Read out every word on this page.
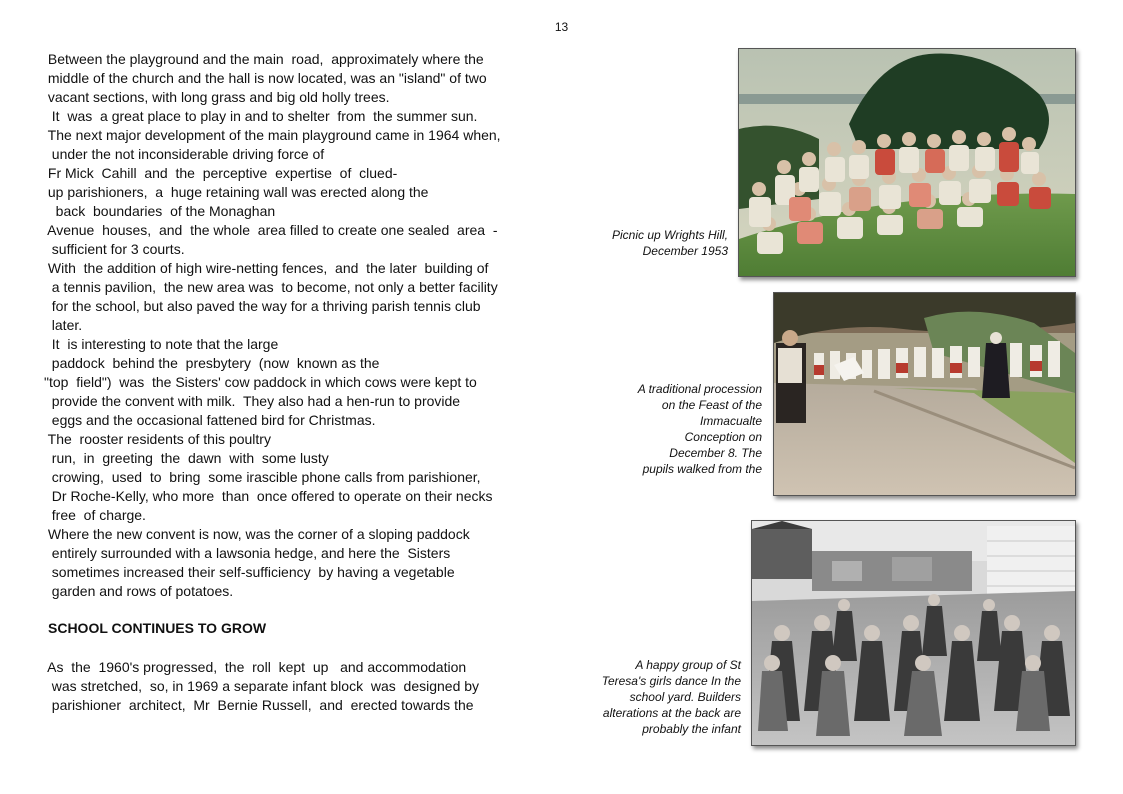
13
Between the playground and the main  road,  approximately where the
middle of the church and the hall is now located, was an "island" of two
vacant sections, with long grass and big old holly trees.
It  was  a great place to play in and to shelter  from  the summer sun.
The next major development of the main playground came in 1964 when,
under the not inconsiderable driving force of
Fr Mick  Cahill  and  the  perceptive  expertise  of  clued-
up parishioners,  a  huge retaining wall was erected along the
back  boundaries  of the Monaghan
Avenue  houses,  and  the whole  area filled to create one sealed  area  -
sufficient for 3 courts.
With  the addition of high wire-netting fences,  and  the later  building of
a tennis pavilion,  the new area was  to become, not only a better facility
for the school, but also paved the way for a thriving parish tennis club
later.
It  is interesting to note that the large
paddock  behind the  presbytery  (now  known as the
"top  field")  was  the Sisters' cow paddock in which cows were kept to
provide the convent with milk.  They also had a hen-run to provide
eggs and the occasional fattened bird for Christmas.
The  rooster residents of this poultry
run,  in  greeting  the  dawn  with  some lusty
crowing,  used  to  bring  some irascible phone calls from parishioner,
Dr Roche-Kelly, who more  than  once offered to operate on their necks
free  of charge.
Where the new convent is now, was the corner of a sloping paddock
entirely surrounded with a lawsonia hedge, and here the  Sisters
sometimes increased their self-sufficiency  by having a vegetable
garden and rows of potatoes.
SCHOOL CONTINUES TO GROW
As  the  1960's progressed,  the  roll  kept  up   and accommodation
was stretched,  so, in 1969 a separate infant block  was  designed by
parishioner  architect,  Mr  Bernie Russell,  and  erected towards the
Picnic up Wrights Hill,
December 1953
A traditional procession
on the Feast of the
Immacualte
Conception on
December 8. The
pupils walked from the
A happy group of St
Teresa's girls dance In the
school yard. Builders
alterations at the back are
probably the infant
